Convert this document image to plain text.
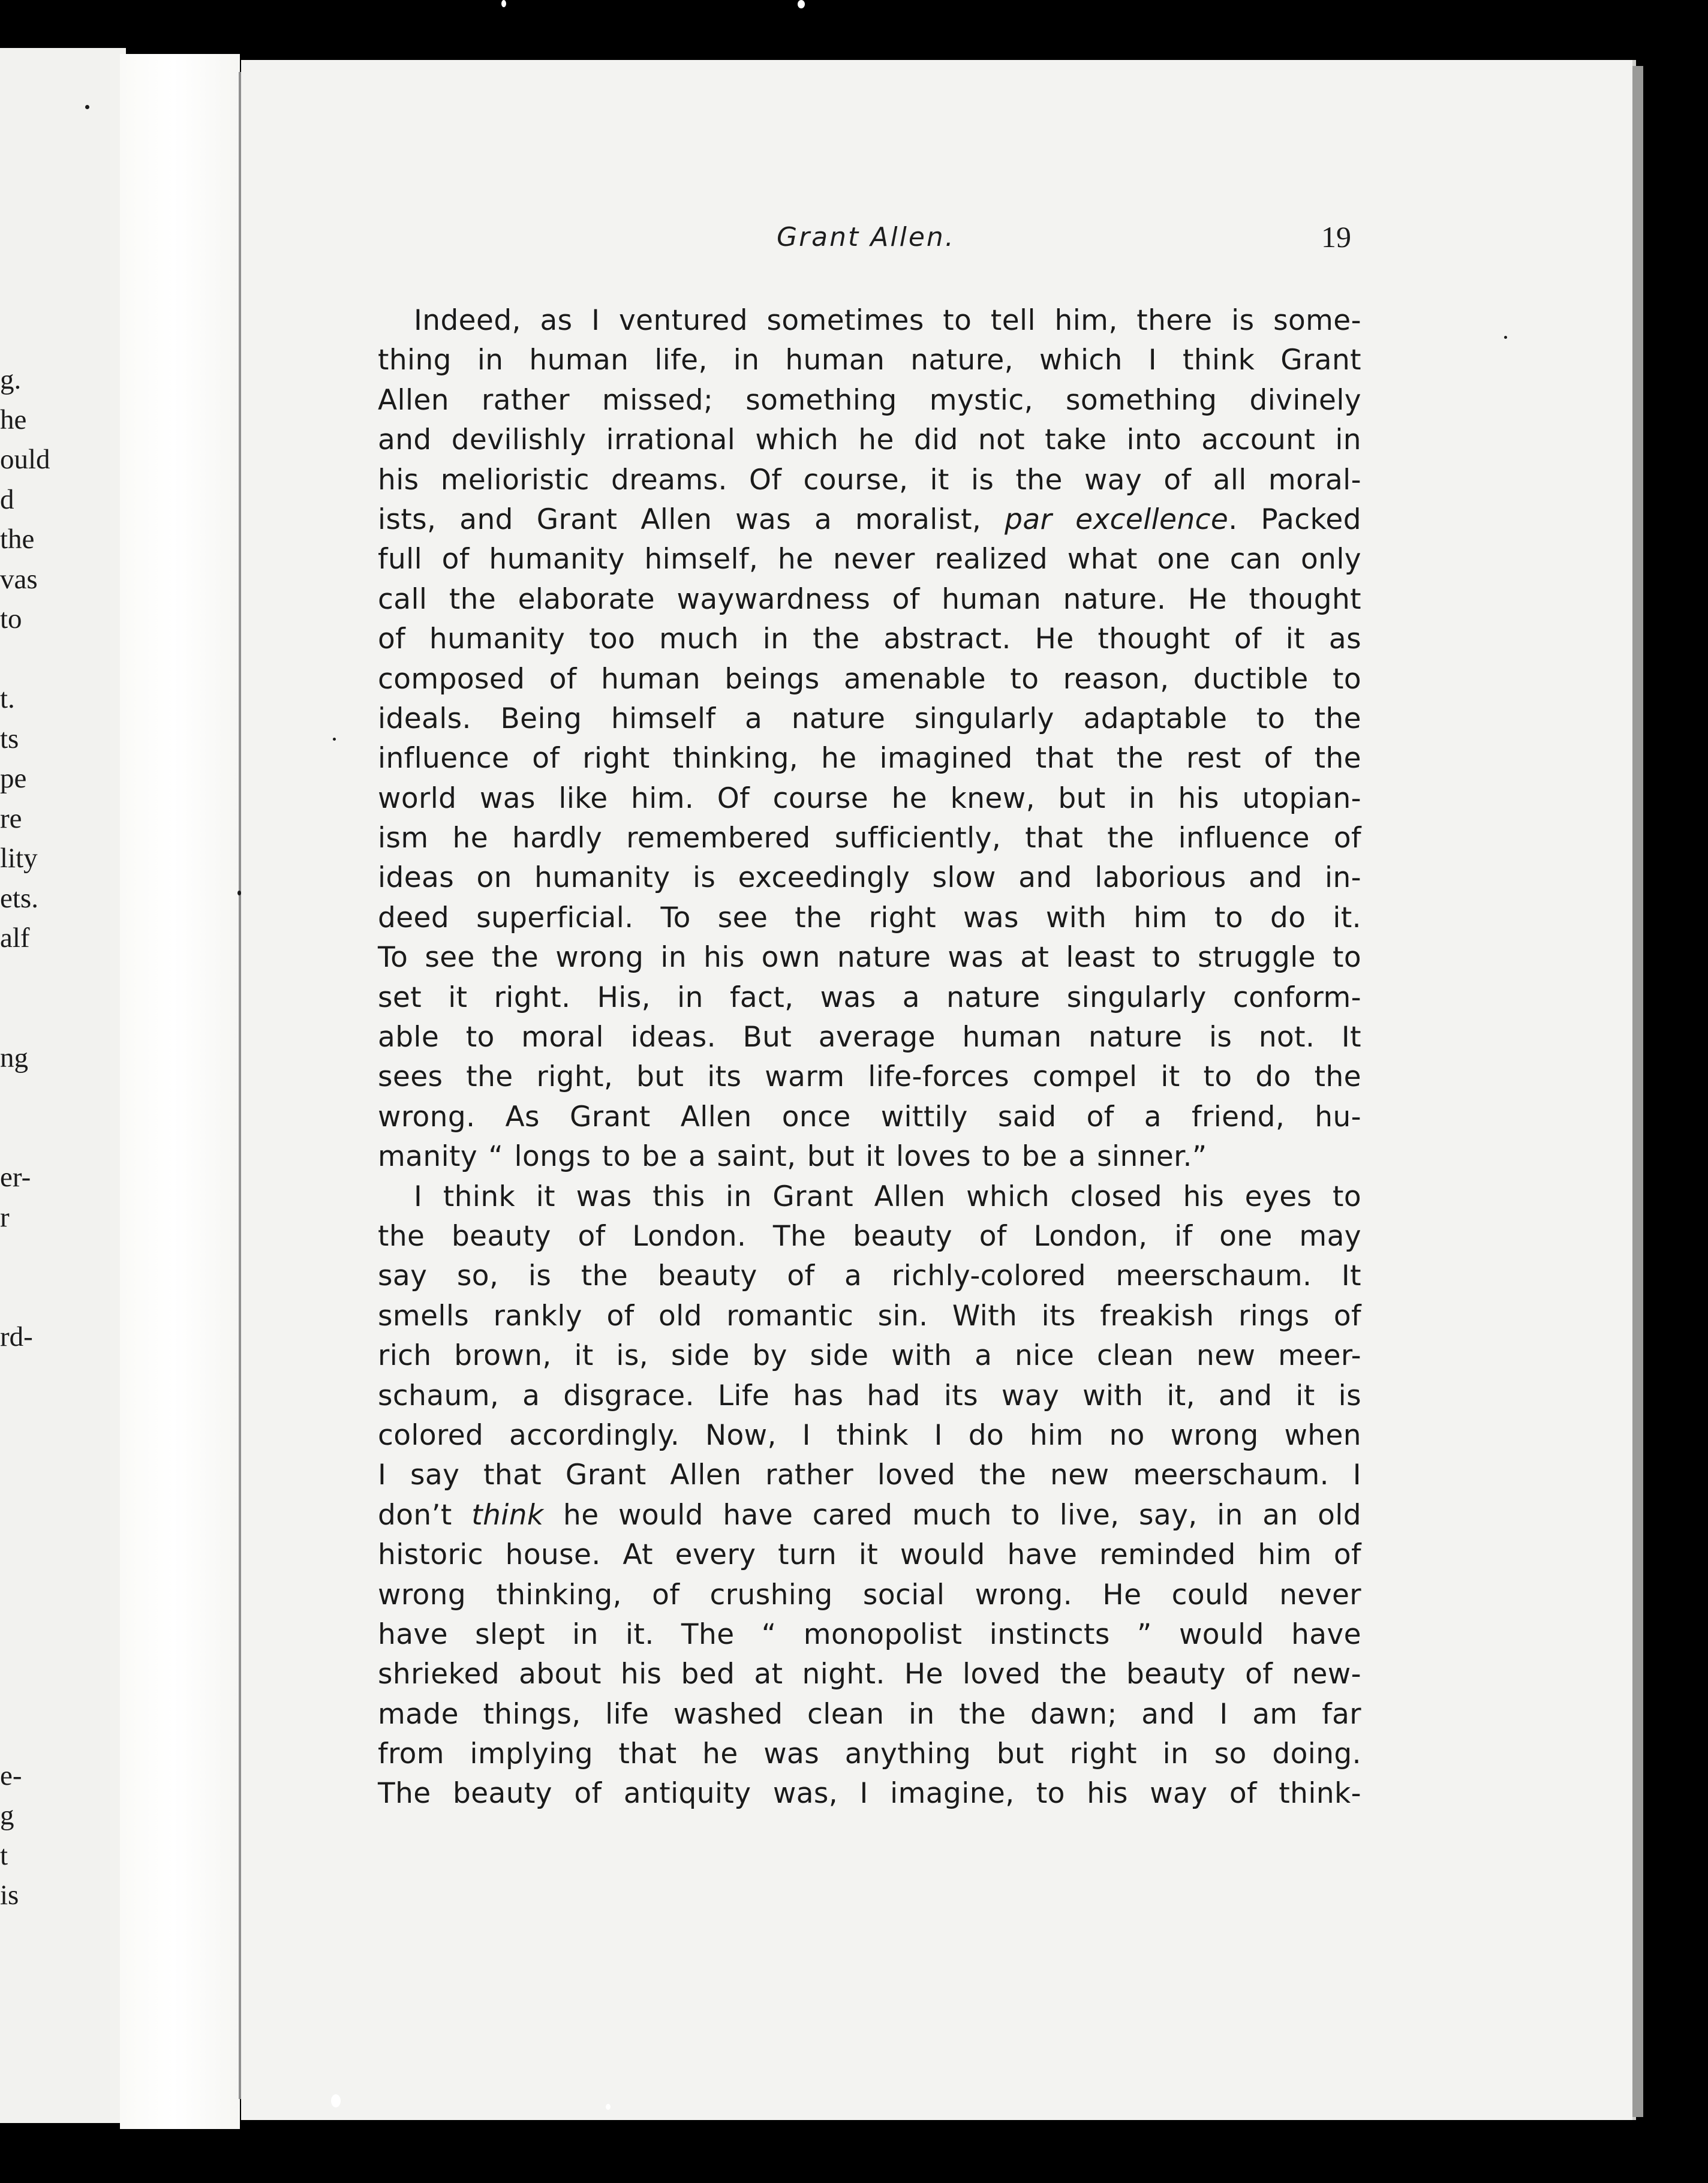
g.
he
ould
d
the
vas
to
t.
ts
pe
re
lity
ets.
alf
ng
er-
r
rd-
e-
g
t
is
Grant Allen.	19
Indeed, as I ventured sometimes to tell him, there is some-
thing in human life, in human nature, which I think Grant
Allen rather missed; something mystic, something divinely
and devilishly irrational which he did not take into account in
his melioristic dreams. Of course, it is the way of all moral-
ists, and Grant Allen was a moralist, par excellence. Packed
full of humanity himself, he never realized what one can only
call the elaborate waywardness of human nature. He thought
of humanity too much in the abstract. He thought of it as
composed of human beings amenable to reason, ductible to
ideals. Being himself a nature singularly adaptable to the
influence of right thinking, he imagined that the rest of the
world was like him. Of course he knew, but in his utopian-
ism he hardly remembered sufficiently, that the influence of
ideas on humanity is exceedingly slow and laborious and in-
deed superficial. To see the right was with him to do it.
To see the wrong in his own nature was at least to struggle to
set it right. His, in fact, was a nature singularly conform-
able to moral ideas. But average human nature is not. It
sees the right, but its warm life-forces compel it to do the
wrong. As Grant Allen once wittily said of a friend, hu-
manity “ longs to be a saint, but it loves to be a sinner.”
I think it was this in Grant Allen which closed his eyes to
the beauty of London. The beauty of London, if one may
say so, is the beauty of a richly-colored meerschaum. It
smells rankly of old romantic sin. With its freakish rings of
rich brown, it is, side by side with a nice clean new meer-
schaum, a disgrace. Life has had its way with it, and it is
colored accordingly. Now, I think I do him no wrong when
I say that Grant Allen rather loved the new meerschaum. I
don’t think he would have cared much to live, say, in an old
historic house. At every turn it would have reminded him of
wrong thinking, of crushing social wrong. He could never
have slept in it. The “ monopolist instincts ” would have
shrieked about his bed at night. He loved the beauty of new-
made things, life washed clean in the dawn; and I am far
from implying that he was anything but right in so doing.
The beauty of antiquity was, I imagine, to his way of think-
